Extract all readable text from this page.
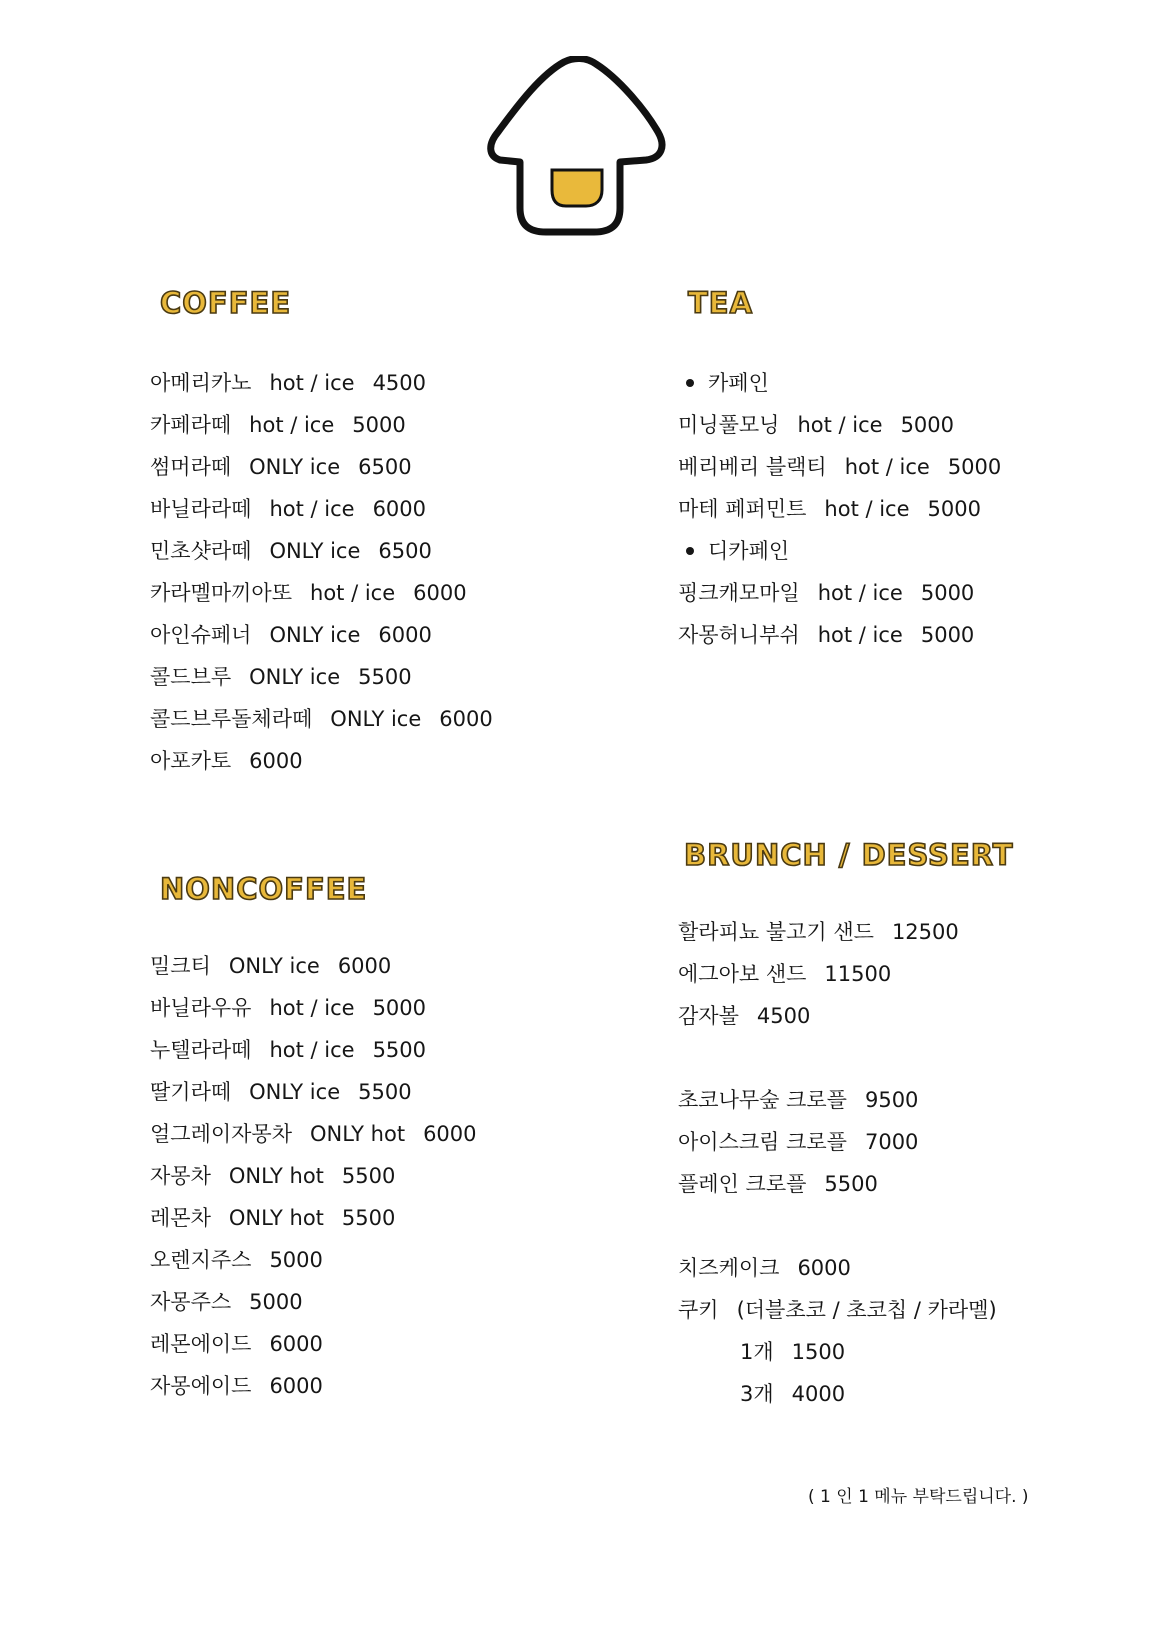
COFFEE
아메리카노 hot / ice 4500
카페라떼 hot / ice 5000
썸머라떼 ONLY ice 6500
바닐라라떼 hot / ice 6000
민초샷라떼 ONLY ice 6500
카라멜마끼아또 hot / ice 6000
아인슈페너 ONLY ice 6000
콜드브루 ONLY ice 5500
콜드브루돌체라떼 ONLY ice 6000
아포카토 6000
TEA
카페인
미닝풀모닝 hot / ice 5000
베리베리 블랙티 hot / ice 5000
마테 페퍼민트 hot / ice 5000
디카페인
핑크캐모마일 hot / ice 5000
자몽허니부쉬 hot / ice 5000
NONCOFFEE
밀크티 ONLY ice 6000
바닐라우유 hot / ice 5000
누텔라라떼 hot / ice 5500
딸기라떼 ONLY ice 5500
얼그레이자몽차 ONLY hot 6000
자몽차 ONLY hot 5500
레몬차 ONLY hot 5500
오렌지주스 5000
자몽주스 5000
레몬에이드 6000
자몽에이드 6000
BRUNCH / DESSERT
할라피뇨 불고기 샌드 12500
에그아보 샌드 11500
감자볼 4500
초코나무숲 크로플 9500
아이스크림 크로플 7000
플레인 크로플 5500
치즈케이크 6000
쿠키 (더블초코 / 초코칩 / 카라멜)
1개 1500
3개 4000

( 1 인 1 메뉴 부탁드립니다. )
